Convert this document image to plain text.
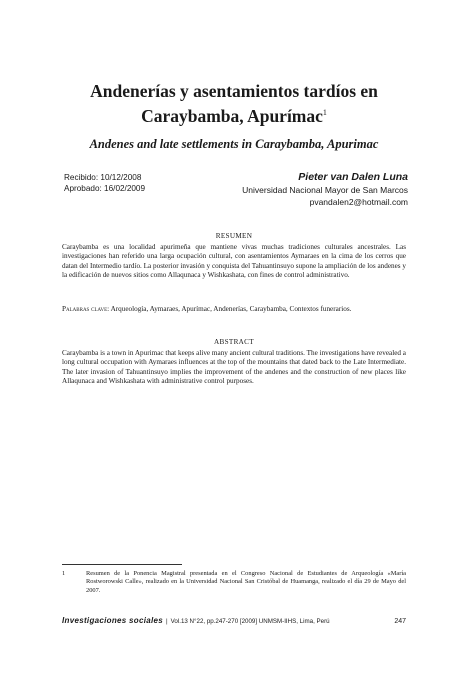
Andenerías y asentamientos tardíos en
Caraybamba, Apurímac$^1$
Andenes and late settlements in Caraybamba, Apurimac
Recibido: 10/12/2008
Aprobado: 16/02/2009
Pieter van Dalen Luna
Universidad Nacional Mayor de San Marcos
pvandalen2@hotmail.com
RESUMEN
Caraybamba es una localidad apurimeña que mantiene vivas muchas tradiciones culturales ancestrales. Las investigaciones han referido una larga ocupación cultural, con asentamientos Aymaraes en la cima de los cerros que datan del Intermedio tardío. La posterior invasión y conquista del Tahuantinsuyo supone la ampliación de los andenes y la edificación de nuevos sitios como Allaqunaca y Wishkashata, con fines de control administrativo.
Palabras clave: Arqueología, Aymaraes, Apurímac, Andenerías, Caraybamba, Contextos funerarios.
ABSTRACT
Caraybamba is a town in Apurimac that keeps alive many ancient cultural traditions. The investigations have revealed a long cultural occupation with Aymaraes influences at the top of the mountains that dated back to the Late Intermediate. The later invasion of Tahuantinsuyo implies the improvement of the andenes and the construction of new places like Allaqunaca and Wishkashata with administrative control purposes.
1	Resumen de la Ponencia Magistral presentada en el Congreso Nacional de Estudiantes de Arqueología «María Rostworowski Calle», realizado en la Universidad Nacional San Cristóbal de Huamanga, realizado el día 29 de Mayo del 2007.
Investigaciones sociales | Vol.13 N°22, pp.247-270 [2009] UNMSM-IIHS, Lima, Perú	247
